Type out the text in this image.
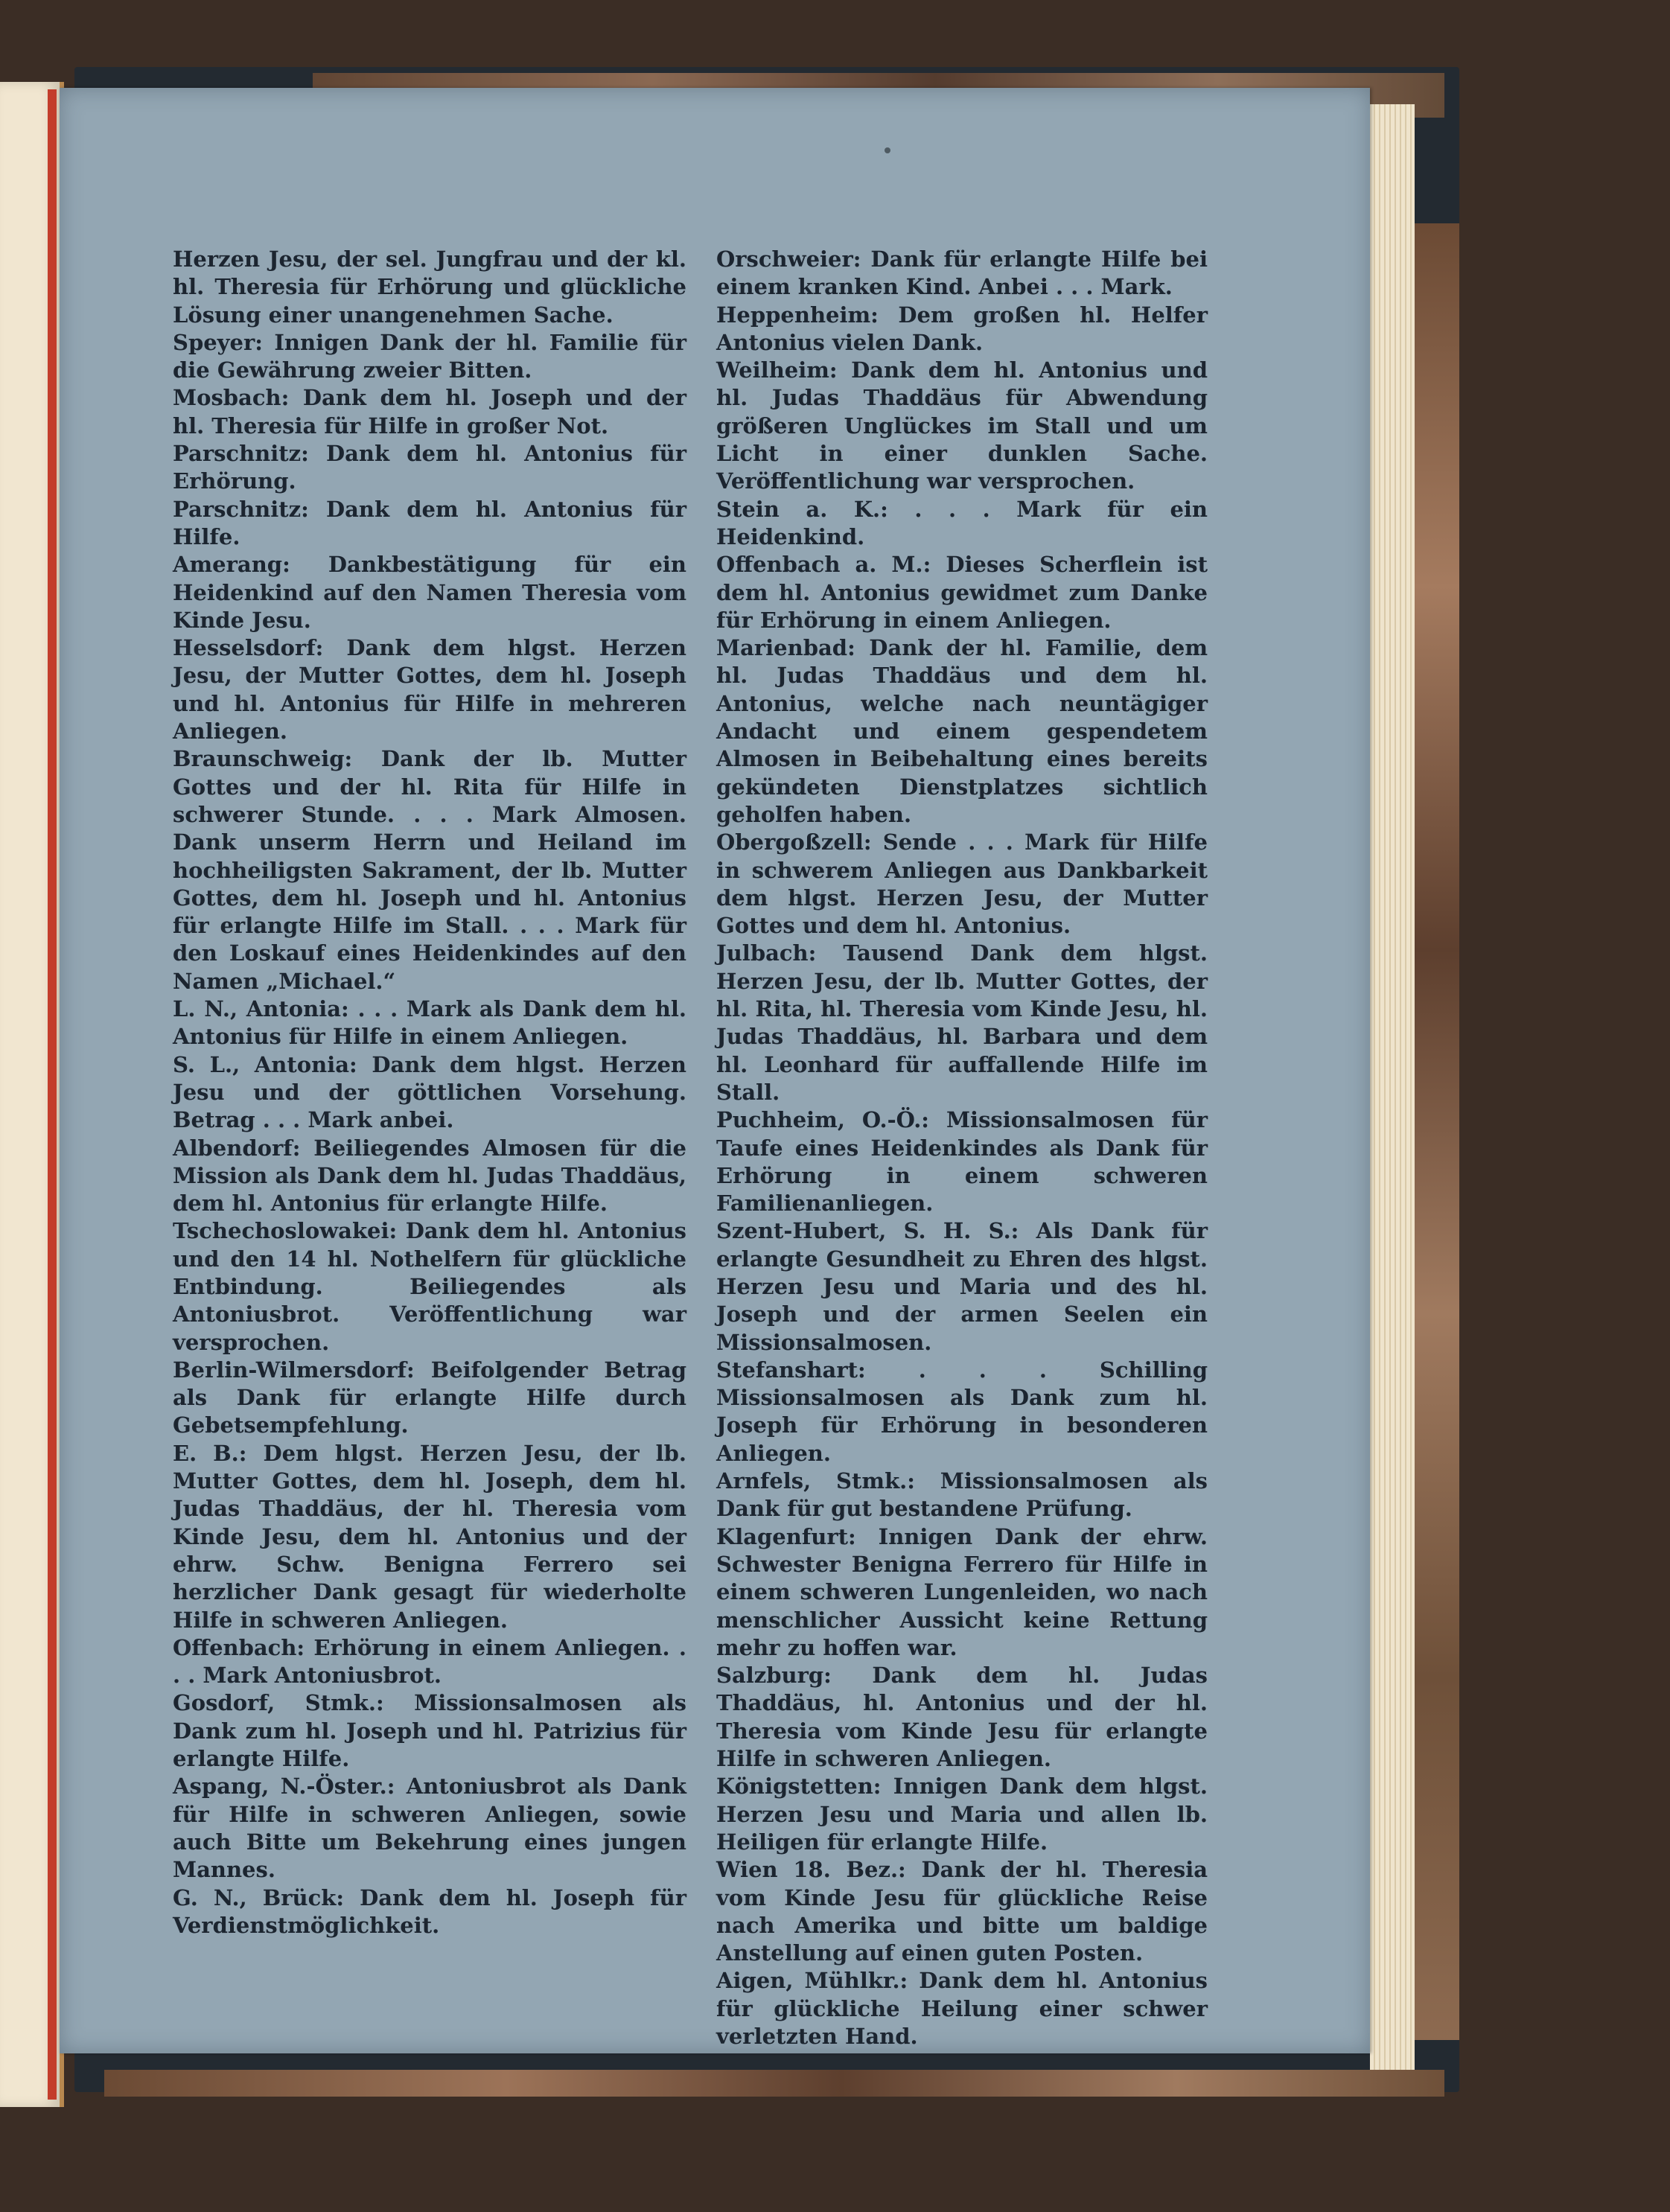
Herzen Jesu, der sel. Jungfrau und der kl. hl. Theresia für Erhörung und glückliche Lösung einer unangenehmen Sache.

Speyer: Innigen Dank der hl. Familie für die Gewährung zweier Bitten.

Mosbach: Dank dem hl. Joseph und der hl. Theresia für Hilfe in großer Not.

Parschnitz: Dank dem hl. Antonius für Erhörung.

Parschnitz: Dank dem hl. Antonius für Hilfe.

Amerang: Dankbestätigung für ein Heidenkind auf den Namen Theresia vom Kinde Jesu.

Hesselsdorf: Dank dem hlgst. Herzen Jesu, der Mutter Gottes, dem hl. Joseph und hl. Antonius für Hilfe in mehreren Anliegen.

Braunschweig: Dank der lb. Mutter Gottes und der hl. Rita für Hilfe in schwerer Stunde. . . . Mark Almosen. Dank unserm Herrn und Heiland im hochheiligsten Sakrament, der lb. Mutter Gottes, dem hl. Joseph und hl. Antonius für erlangte Hilfe im Stall. . . . Mark für den Loskauf eines Heidenkindes auf den Namen „Michael.“

L. N., Antonia: . . . Mark als Dank dem hl. Antonius für Hilfe in einem Anliegen.

S. L., Antonia: Dank dem hlgst. Herzen Jesu und der göttlichen Vorsehung. Betrag . . . Mark anbei.

Albendorf: Beiliegendes Almosen für die Mission als Dank dem hl. Judas Thaddäus, dem hl. Antonius für erlangte Hilfe.

Tschechoslowakei: Dank dem hl. Antonius und den 14 hl. Nothelfern für glückliche Entbindung. Beiliegendes als Antoniusbrot. Veröffentlichung war versprochen.

Berlin-Wilmersdorf: Beifolgender Betrag als Dank für erlangte Hilfe durch Gebetsempfehlung.

E. B.: Dem hlgst. Herzen Jesu, der lb. Mutter Gottes, dem hl. Joseph, dem hl. Judas Thaddäus, der hl. Theresia vom Kinde Jesu, dem hl. Antonius und der ehrw. Schw. Benigna Ferrero sei herzlicher Dank gesagt für wiederholte Hilfe in schweren Anliegen.

Offenbach: Erhörung in einem Anliegen. . . . Mark Antoniusbrot.

Gosdorf, Stmk.: Missionsalmosen als Dank zum hl. Joseph und hl. Patrizius für erlangte Hilfe.

Aspang, N.-Öster.: Antoniusbrot als Dank für Hilfe in schweren Anliegen, sowie auch Bitte um Bekehrung eines jungen Mannes.

G. N., Brück: Dank dem hl. Joseph für Verdienstmöglichkeit.

Orschweier: Dank für erlangte Hilfe bei einem kranken Kind. Anbei . . . Mark.

Heppenheim: Dem großen hl. Helfer Antonius vielen Dank.

Weilheim: Dank dem hl. Antonius und hl. Judas Thaddäus für Abwendung größeren Unglückes im Stall und um Licht in einer dunklen Sache. Veröffentlichung war versprochen.

Stein a. K.: . . . Mark für ein Heidenkind.

Offenbach a. M.: Dieses Scherflein ist dem hl. Antonius gewidmet zum Danke für Erhörung in einem Anliegen.

Marienbad: Dank der hl. Familie, dem hl. Judas Thaddäus und dem hl. Antonius, welche nach neuntägiger Andacht und einem gespendetem Almosen in Beibehaltung eines bereits gekündeten Dienstplatzes sichtlich geholfen haben.

Obergoßzell: Sende . . . Mark für Hilfe in schwerem Anliegen aus Dankbarkeit dem hlgst. Herzen Jesu, der Mutter Gottes und dem hl. Antonius.

Julbach: Tausend Dank dem hlgst. Herzen Jesu, der lb. Mutter Gottes, der hl. Rita, hl. Theresia vom Kinde Jesu, hl. Judas Thaddäus, hl. Barbara und dem hl. Leonhard für auffallende Hilfe im Stall.

Puchheim, O.-Ö.: Missionsalmosen für Taufe eines Heidenkindes als Dank für Erhörung in einem schweren Familienanliegen.

Szent-Hubert, S. H. S.: Als Dank für erlangte Gesundheit zu Ehren des hlgst. Herzen Jesu und Maria und des hl. Joseph und der armen Seelen ein Missionsalmosen.

Stefanshart: . . . Schilling Missionsalmosen als Dank zum hl. Joseph für Erhörung in besonderen Anliegen.

Arnfels, Stmk.: Missionsalmosen als Dank für gut bestandene Prüfung.

Klagenfurt: Innigen Dank der ehrw. Schwester Benigna Ferrero für Hilfe in einem schweren Lungenleiden, wo nach menschlicher Aussicht keine Rettung mehr zu hoffen war.

Salzburg: Dank dem hl. Judas Thaddäus, hl. Antonius und der hl. Theresia vom Kinde Jesu für erlangte Hilfe in schweren Anliegen.

Königstetten: Innigen Dank dem hlgst. Herzen Jesu und Maria und allen lb. Heiligen für erlangte Hilfe.

Wien 18. Bez.: Dank der hl. Theresia vom Kinde Jesu für glückliche Reise nach Amerika und bitte um baldige Anstellung auf einen guten Posten.

Aigen, Mühlkr.: Dank dem hl. Antonius für glückliche Heilung einer schwer verletzten Hand.
